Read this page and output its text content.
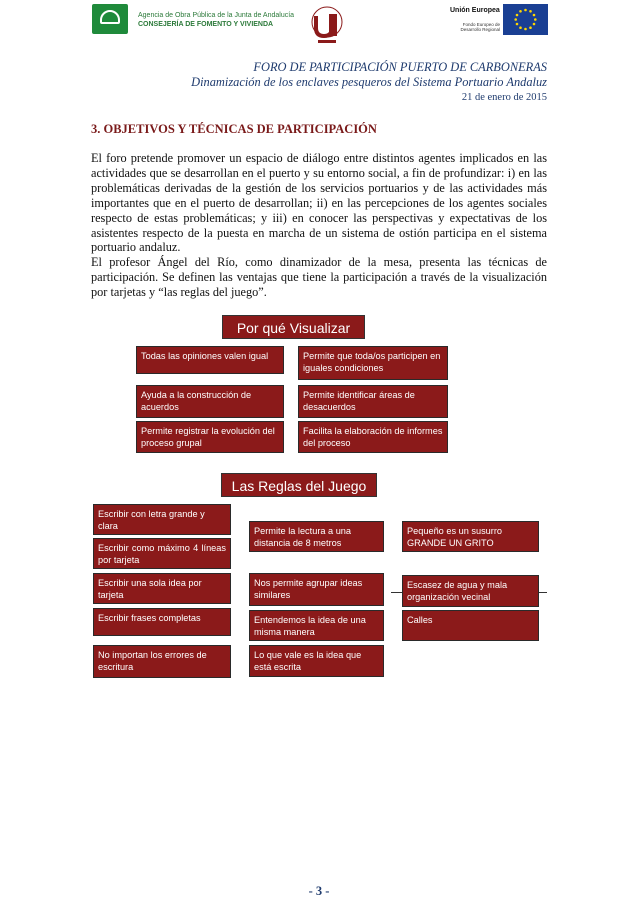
Agencia de Obra Pública de la Junta de Andalucía
CONSEJERÍA DE FOMENTO Y VIVIENDA
Unión Europea
Fondo Europeo de Desarrollo Regional
FORO DE PARTICIPACIÓN PUERTO DE CARBONERAS
Dinamización de los enclaves pesqueros del Sistema Portuario Andaluz
21 de enero de 2015
3. OBJETIVOS Y TÉCNICAS DE PARTICIPACIÓN

El foro pretende promover un espacio de diálogo entre distintos agentes implicados en las actividades que se desarrollan en el puerto y su entorno social, a fin de profundizar: i) en las problemáticas derivadas de la gestión de los servicios portuarios y de las actividades más importantes que en el puerto de desarrollan; ii) en las percepciones de los agentes sociales respecto de estas problemáticas; y iii) en conocer las perspectivas y expectativas de los asistentes respecto de la puesta en marcha de un sistema de ostión participa en el sistema portuario andaluz.

El profesor Ángel del Río, como dinamizador de la mesa, presenta las técnicas de participación. Se definen las ventajas que tiene la participación a través de la visualización por tarjetas y “las reglas del juego”.

Por qué Visualizar
Todas las opiniones valen igual	Permite que toda/os participen en iguales condiciones
Ayuda a la construcción de acuerdos
Permite identificar áreas de desacuerdos
Permite registrar la evolución del proceso grupal
Facilita la elaboración de informes del proceso
Las Reglas del Juego
Escribir con letra grande y clara
Escribir como máximo 4 líneas por tarjeta
Escribir una sola idea por tarjeta
Escribir frases completas
No importan los errores de escritura
Permite la lectura a una distancia de 8 metros
Nos permite agrupar ideas similares
Entendemos la idea de una misma manera
Lo que vale es la idea que está escrita
Pequeño es un susurro GRANDE UN GRITO
Escasez de agua y mala organización vecinal
Calles
- 3 -
